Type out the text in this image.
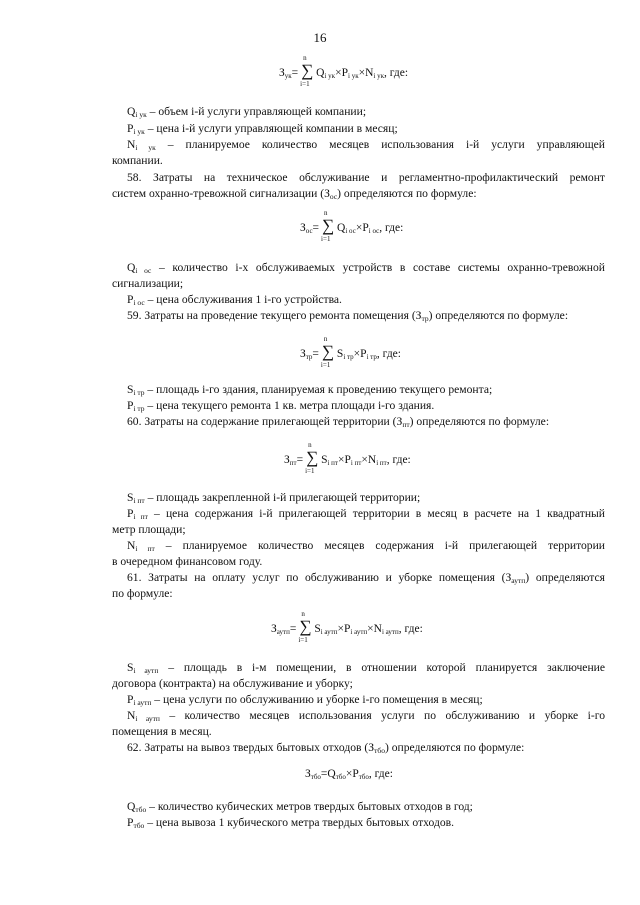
16
$З_{ук}=$
n
∑
i=1
$Q_{i ук}\times P_{i ук}\times N_{i ук}$, где:
$Q_{i ук}$ – объем i-й услуги управляющей компании;
$P_{i ук}$ – цена i-й услуги управляющей компании в месяц;
$N_{i ук}$ – планируемое количество месяцев использования i-й услуги управляющей
компании.
58. Затраты на техническое обслуживание и регламентно-профилактический ремонт
систем охранно-тревожной сигнализации $(З_{ос})$ определяются по формуле:
$З_{ос}=$
n
∑
i=1
$Q_{i ос}\times P_{i ос}$, где:
$Q_{i ос}$ – количество i-х обслуживаемых устройств в составе системы охранно-тревожной
сигнализации;
$P_{i ос}$ – цена обслуживания 1 i-го устройства.
59. Затраты на проведение текущего ремонта помещения $(З_{тр})$ определяются по формуле:
$З_{тр}=$
n
∑
i=1
$S_{i тр}\times P_{i тр}$, где:
$S_{i тр}$ – площадь i-го здания, планируемая к проведению текущего ремонта;
$P_{i тр}$ – цена текущего ремонта 1 кв. метра площади i-го здания.
60. Затраты на содержание прилегающей территории $(З_{пт})$ определяются по формуле:
$З_{пт}=$
n
∑
i=1
$S_{i пт}\times P_{i пт}\times N_{i пт}$, где:
$S_{i пт}$ – площадь закрепленной i-й прилегающей территории;
$P_{i пт}$ – цена содержания i-й прилегающей территории в месяц в расчете на 1 квадратный
метр площади;
$N_{i пт}$ – планируемое количество месяцев содержания i-й прилегающей территории
в очередном финансовом году.
61. Затраты на оплату услуг по обслуживанию и уборке помещения $(З_{аутп})$ определяются
по формуле:
$З_{аутп}=$
n
∑
i=1
$S_{i аутп}\times P_{i аутп}\times N_{i аутп}$, где:
$S_{i аутп}$ – площадь в i-м помещении, в отношении которой планируется заключение
договора (контракта) на обслуживание и уборку;
$P_{i аутп}$ – цена услуги по обслуживанию и уборке i-го помещения в месяц;
$N_{i аутп}$ – количество месяцев использования услуги по обслуживанию и уборке i-го
помещения в месяц.
62. Затраты на вывоз твердых бытовых отходов $(З_{тбо})$ определяются по формуле:
$З_{тбо}=Q_{тбо}\times P_{тбо}$, где:
$Q_{тбо}$ – количество кубических метров твердых бытовых отходов в год;
$P_{тбо}$ – цена вывоза 1 кубического метра твердых бытовых отходов.
